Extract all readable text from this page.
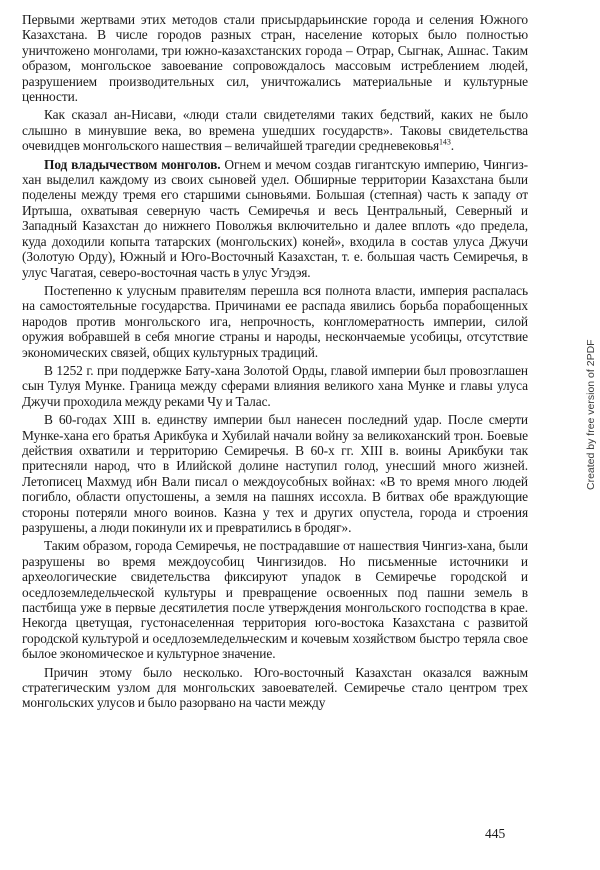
Первыми жертвами этих методов стали присырдарьинские города и селения Южного Казахстана. В числе городов разных стран, население которых было полностью уничтожено монголами, три южно-казахстанских города – Отрар, Сыгнак, Ашнас. Таким образом, монгольское завоевание сопровождалось массовым истреблением людей, разрушением производительных сил, уничтожались материальные и культурные ценности.

Как сказал ан-Нисави, «люди стали свидетелями таких бедствий, каких не было слышно в минувшие века, во времена ушедших государств». Таковы свидетельства очевидцев монгольского нашествия – величайшей трагедии средневековья$^{143}$.

Под владычеством монголов. Огнем и мечом создав гигантскую империю, Чингиз-хан выделил каждому из своих сыновей удел. Обширные территории Казахстана были поделены между тремя его старшими сыновьями. Большая (степная) часть к западу от Иртыша, охватывая северную часть Семиречья и весь Центральный, Северный и Западный Казахстан до нижнего Поволжья включительно и далее вплоть «до предела, куда доходили копыта татарских (монгольских) коней», входила в состав улуса Джучи (Золотую Орду), Южный и Юго-Восточный Казахстан, т. е. большая часть Семиречья, в улус Чагатая, северо-восточная часть в улус Угэдэя.

Постепенно к улусным правителям перешла вся полнота власти, империя распалась на самостоятельные государства. Причинами ее распада явились борьба порабощенных народов против монгольского ига, непрочность, конгломератность империи, силой оружия вобравшей в себя многие страны и народы, нескончаемые усобицы, отсутствие экономических связей, общих культурных традиций.

В 1252 г. при поддержке Бату-хана Золотой Орды, главой империи был провозглашен сын Тулуя Мунке. Граница между сферами влияния великого хана Мунке и главы улуса Джучи проходила между реками Чу и Талас.

В 60-годах XIII в. единству империи был нанесен последний удар. После смерти Мунке-хана его братья Арикбука и Хубилай начали войну за великоханский трон. Боевые действия охватили и территорию Семиречья. В 60-х гг. XIII в. воины Арикбуки так притесняли народ, что в Илийской долине наступил голод, унесший много жизней. Летописец Махмуд ибн Вали писал о междоусобных войнах: «В то время много людей погибло, области опустошены, а земля на пашнях иссохла. В битвах обе враждующие стороны потеряли много воинов. Казна у тех и других опустела, города и строения разрушены, а люди покинули их и превратились в бродяг».

Таким образом, города Семиречья, не пострадавшие от нашествия Чингиз-хана, были разрушены во время междоусобиц Чингизидов. Но письменные источники и археологические свидетельства фиксируют упадок в Семиречье городской и оседлоземледельческой культуры и превращение освоенных под пашни земель в пастбища уже в первые десятилетия после утверждения монгольского господства в крае. Некогда цветущая, густонаселенная территория юго-востока Казахстана с развитой городской культурой и оседлоземледельческим и кочевым хозяйством быстро теряла свое былое экономическое и культурное значение.

Причин этому было несколько. Юго-восточный Казахстан оказался важным стратегическим узлом для монгольских завоевателей. Семиречье стало центром трех монгольских улусов и было разорвано на части между

445
Created by free version of 2PDF
